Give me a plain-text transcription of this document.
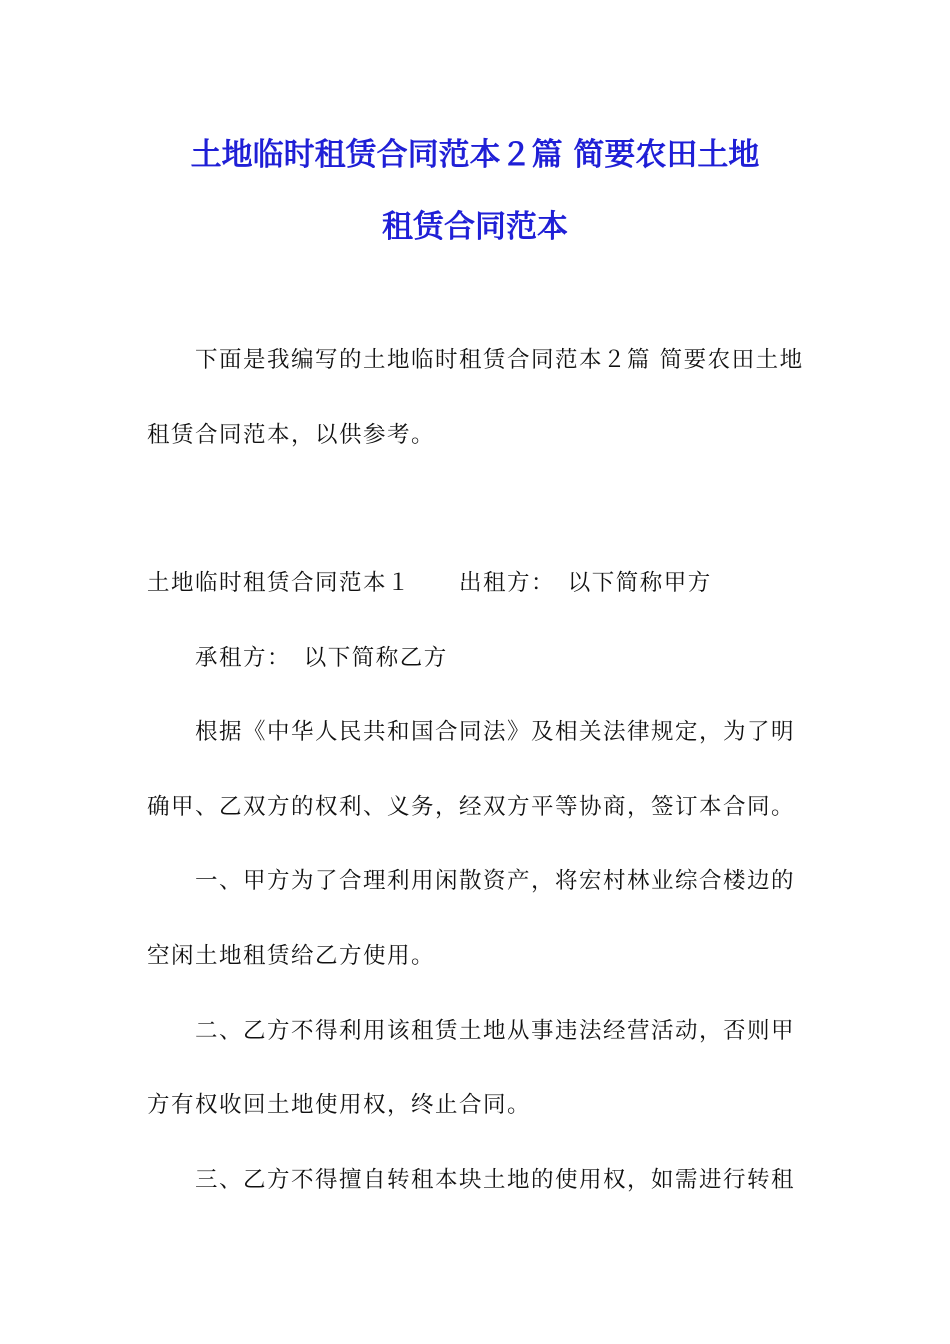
土地临时租赁合同范本２篇 简要农田土地
租赁合同范本
下面是我编写的土地临时租赁合同范本２篇 简要农田土地
租赁合同范本，以供参考。
土地临时租赁合同范本１　　出租方：　以下简称甲方
承租方：　以下简称乙方
根据《中华人民共和国合同法》及相关法律规定，为了明
确甲、乙双方的权利、义务，经双方平等协商，签订本合同。
一、甲方为了合理利用闲散资产，将宏村林业综合楼边的
空闲土地租赁给乙方使用。
二、乙方不得利用该租赁土地从事违法经营活动，否则甲
方有权收回土地使用权，终止合同。
三、乙方不得擅自转租本块土地的使用权，如需进行转租
